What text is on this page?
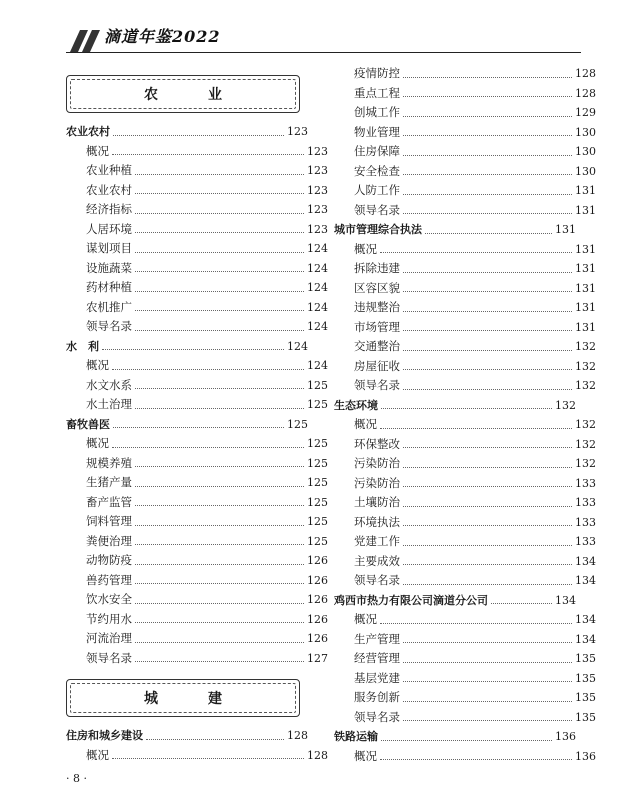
滴道年鉴2022
农　业
城　建
农业农村	123
概况	123
农业种植	123
农业农村	123
经济指标	123
人居环境	123
谋划项目	124
设施蔬菜	124
药材种植	124
农机推广	124
领导名录	124
水　利	124
概况	124
水文水系	125
水土治理	125
畜牧兽医	125
概况	125
规模养殖	125
生猪产量	125
畜产监管	125
饲料管理	125
粪便治理	125
动物防疫	126
兽药管理	126
饮水安全	126
节约用水	126
河流治理	126
领导名录	127
住房和城乡建设	128
概况	128
疫情防控	128
重点工程	128
创城工作	129
物业管理	130
住房保障	130
安全检查	130
人防工作	131
领导名录	131
城市管理综合执法	131
概况	131
拆除违建	131
区容区貌	131
违规整治	131
市场管理	131
交通整治	132
房屋征收	132
领导名录	132
生态环境	132
概况	132
环保整改	132
污染防治	132
污染防治	133
土壤防治	133
环境执法	133
党建工作	133
主要成效	134
领导名录	134
鸡西市热力有限公司滴道分公司	134
概况	134
生产管理	134
经营管理	135
基层党建	135
服务创新	135
领导名录	135
铁路运输	136
概况	136
· 8 ·
